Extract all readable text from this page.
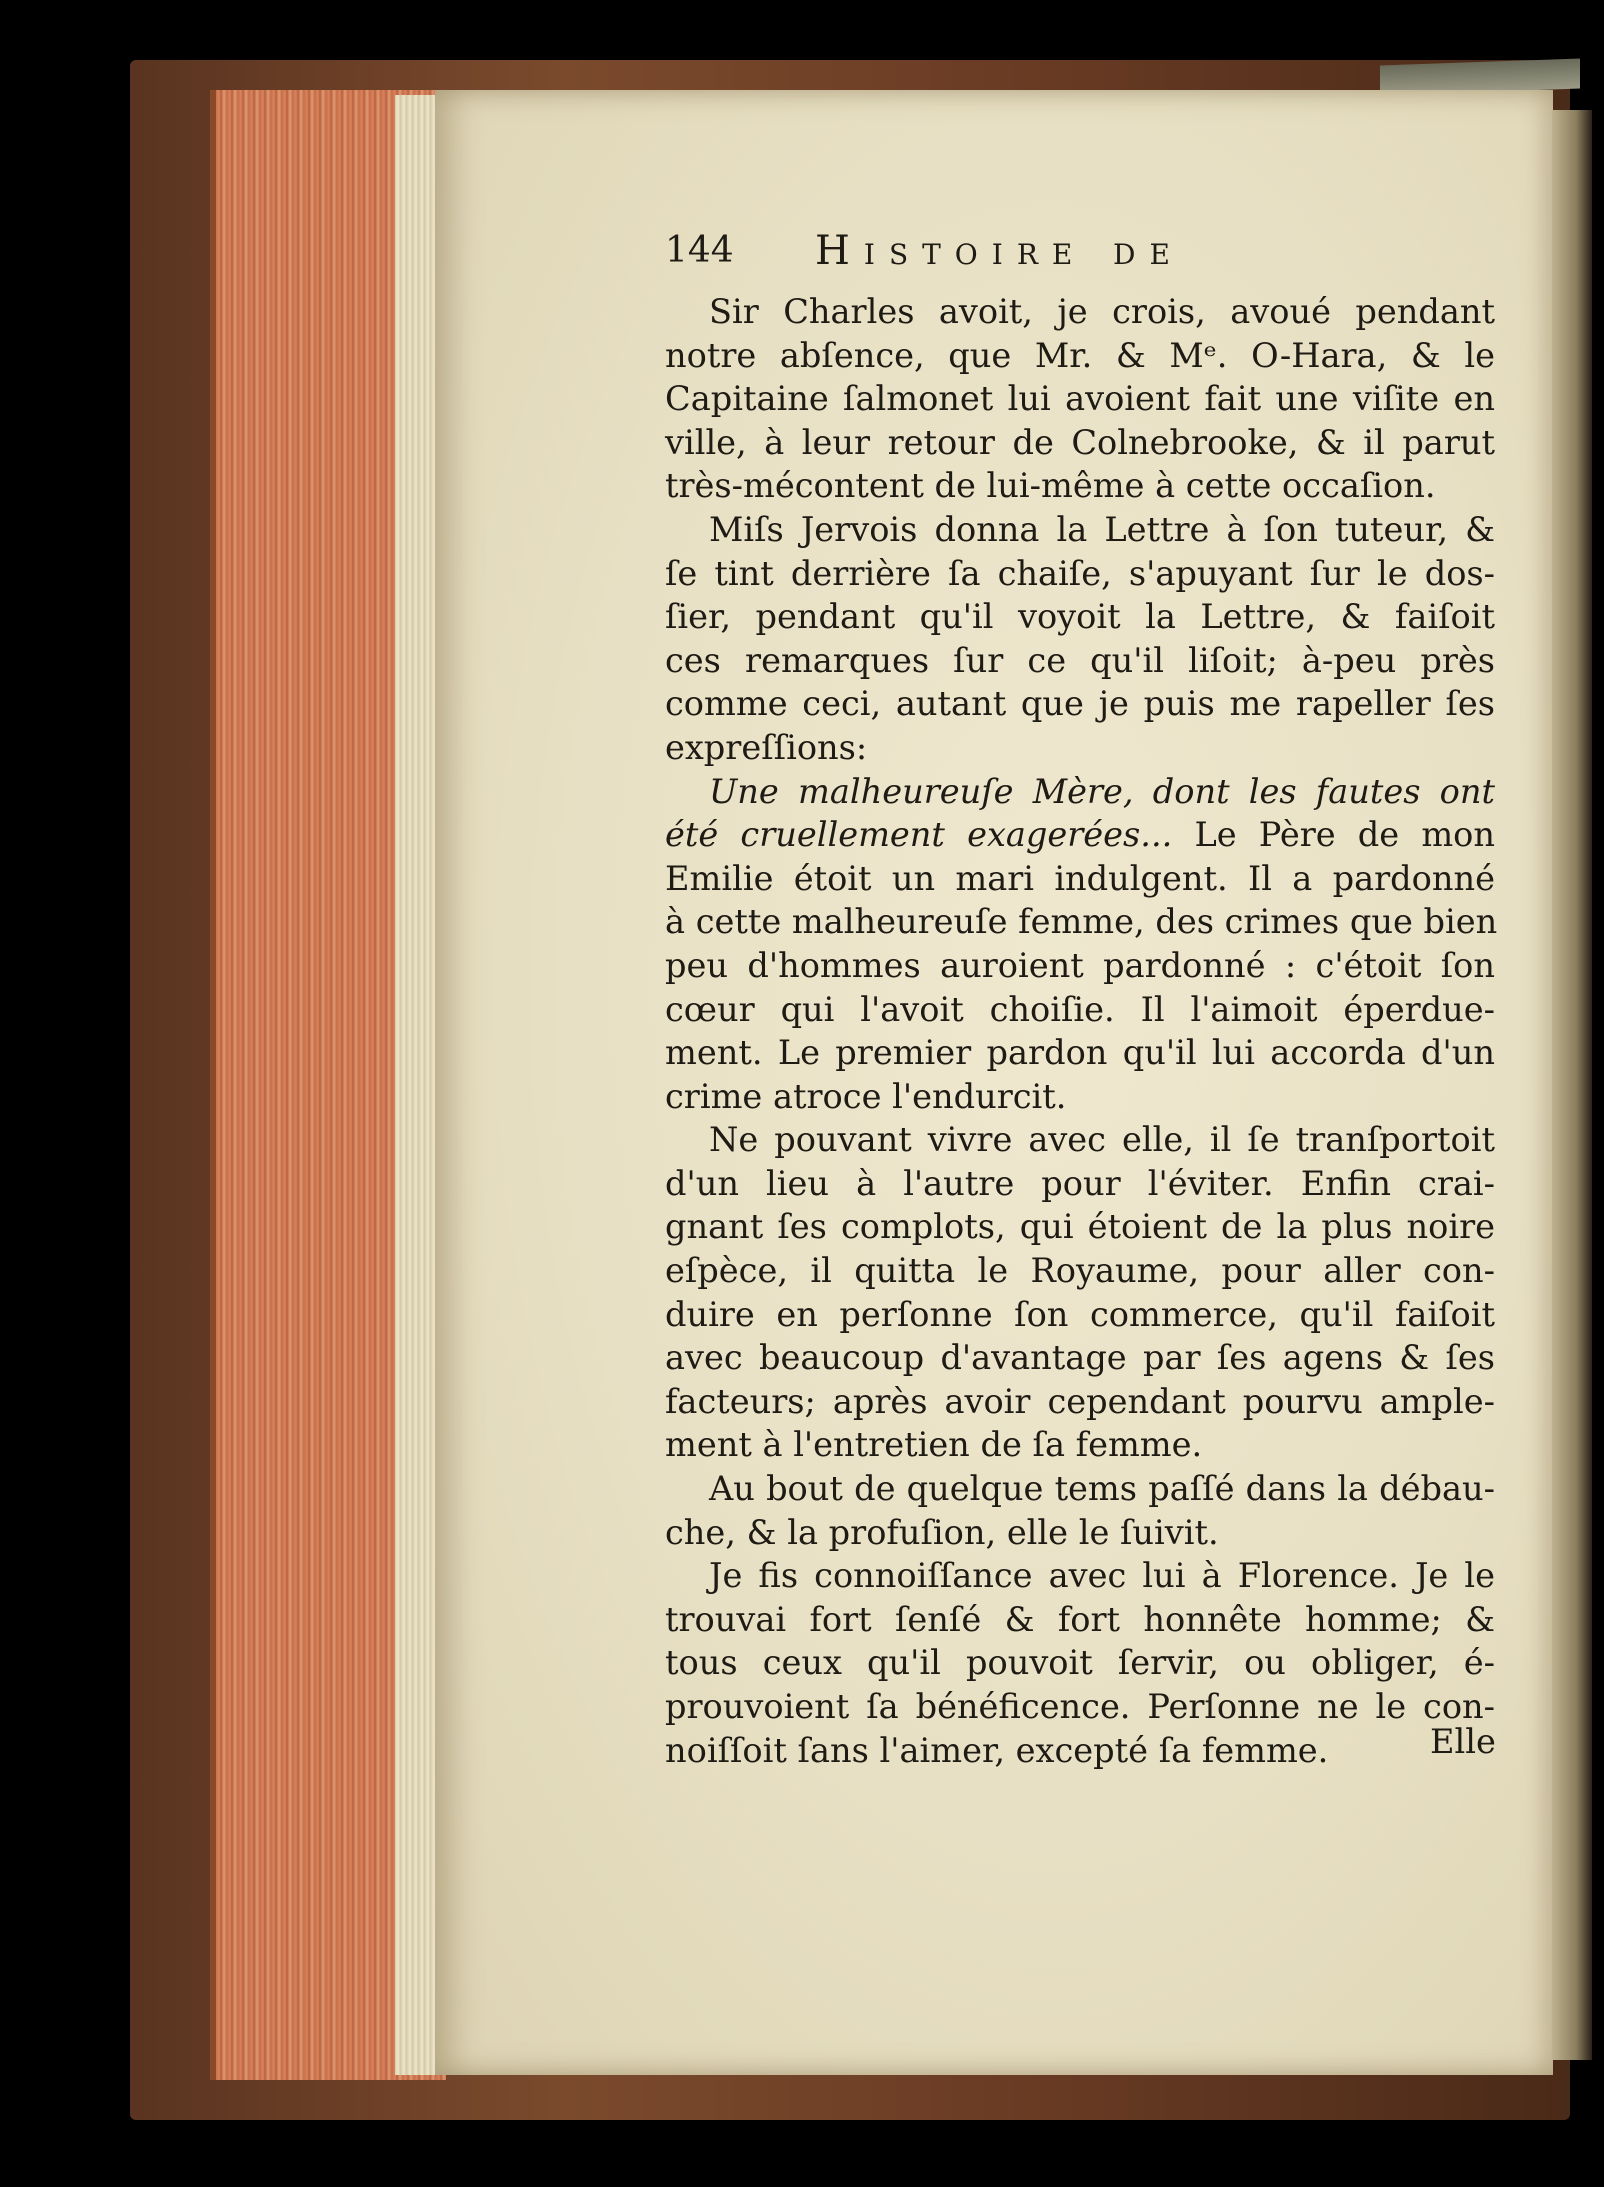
144 Histoire de
Sir Charles avoit, je crois, avoué pendant
notre abſence, que Mr. & Mᵉ. O-Hara, & le
Capitaine ſalmonet lui avoient fait une viſite en
ville, à leur retour de Colnebrooke, & il parut
très-mécontent de lui-même à cette occaſion.
Miſs Jervois donna la Lettre à ſon tuteur, &
ſe tint derrière ſa chaiſe, s'apuyant ſur le dos-
ſier, pendant qu'il voyoit la Lettre, & faiſoit
ces remarques ſur ce qu'il liſoit; à-peu près
comme ceci, autant que je puis me rapeller ſes
expreſſions:
Une malheureuſe Mère, dont les fautes ont
été cruellement exagerées... Le Père de mon
Emilie étoit un mari indulgent. Il a pardonné
à cette malheureuſe femme, des crimes que bien
peu d'hommes auroient pardonné : c'étoit ſon
cœur qui l'avoit choiſie. Il l'aimoit éperdue-
ment. Le premier pardon qu'il lui accorda d'un
crime atroce l'endurcit.
Ne pouvant vivre avec elle, il ſe tranſportoit
d'un lieu à l'autre pour l'éviter. Enfin crai-
gnant ſes complots, qui étoient de la plus noire
eſpèce, il quitta le Royaume, pour aller con-
duire en perſonne ſon commerce, qu'il faiſoit
avec beaucoup d'avantage par ſes agens & ſes
facteurs; après avoir cependant pourvu ample-
ment à l'entretien de ſa femme.
Au bout de quelque tems paſſé dans la débau-
che, & la profuſion, elle le ſuivit.
Je fis connoiſſance avec lui à Florence. Je le
trouvai fort ſenſé & fort honnête homme; &
tous ceux qu'il pouvoit ſervir, ou obliger, é-
prouvoient ſa bénéficence. Perſonne ne le con-
noiſſoit ſans l'aimer, excepté ſa femme.	Elle
